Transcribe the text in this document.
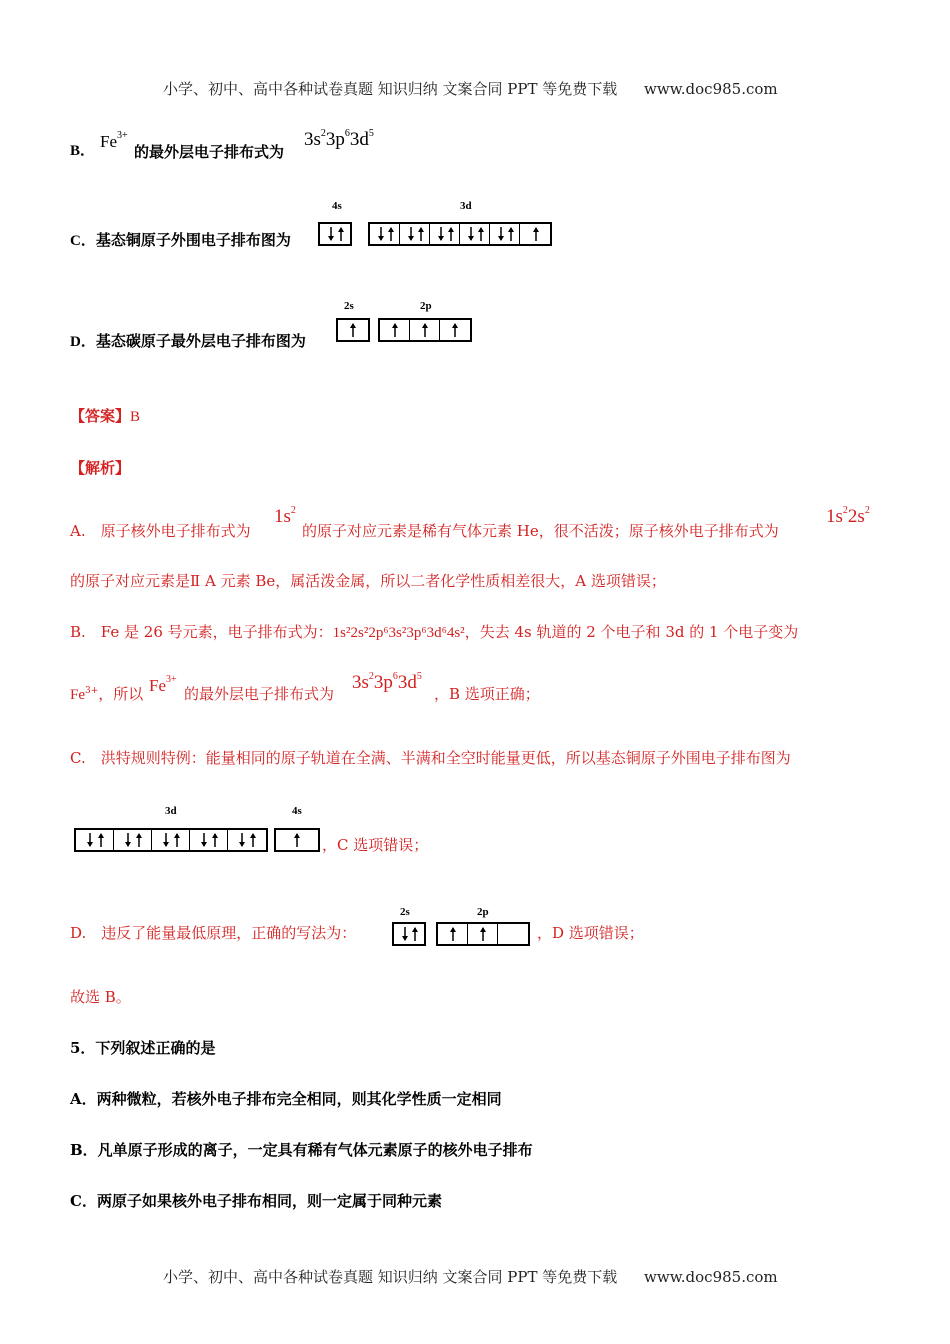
小学、初中、高中各种试卷真题 知识归纳 文案合同 PPT 等免费下载 www.doc985.com
B． $Fe^{3+}$
的最外层电子排布式为
$3s^23p^63d^5$
C．基态铜原子外围电子排布图为
4s	3d
D．基态碳原子最外层电子排布图为
2s	2p
【答案】B
【解析】
A.　原子核外电子排布式为
$1s^2$
的原子对应元素是稀有气体元素 He，很不活泼；原子核外电子排布式为
$1s^22s^2$
的原子对应元素是Ⅱ A 元素 Be，属活泼金属，所以二者化学性质相差很大，A 选项错误；
B.　Fe 是 26 号元素，电子排布式为：1s²2s²2p⁶3s²3p⁶3d⁶4s²，失去 4s 轨道的 2 个电子和 3d 的 1 个电子变为
$Fe^{3+}$，所以 $Fe^{3+}$
的最外层电子排布式为
$3s^23p^63d^5$
，B 选项正确；
C.　洪特规则特例：能量相同的原子轨道在全满、半满和全空时能量更低，所以基态铜原子外围电子排布图为
3d	4s
，C 选项错误；
D.　违反了能量最低原理，正确的写法为：
2s	2p
，D 选项错误；
故选 B。
5．下列叙述正确的是
A．两种微粒，若核外电子排布完全相同，则其化学性质一定相同
B．凡单原子形成的离子，一定具有稀有气体元素原子的核外电子排布
C．两原子如果核外电子排布相同，则一定属于同种元素
小学、初中、高中各种试卷真题 知识归纳 文案合同 PPT 等免费下载 www.doc985.com
